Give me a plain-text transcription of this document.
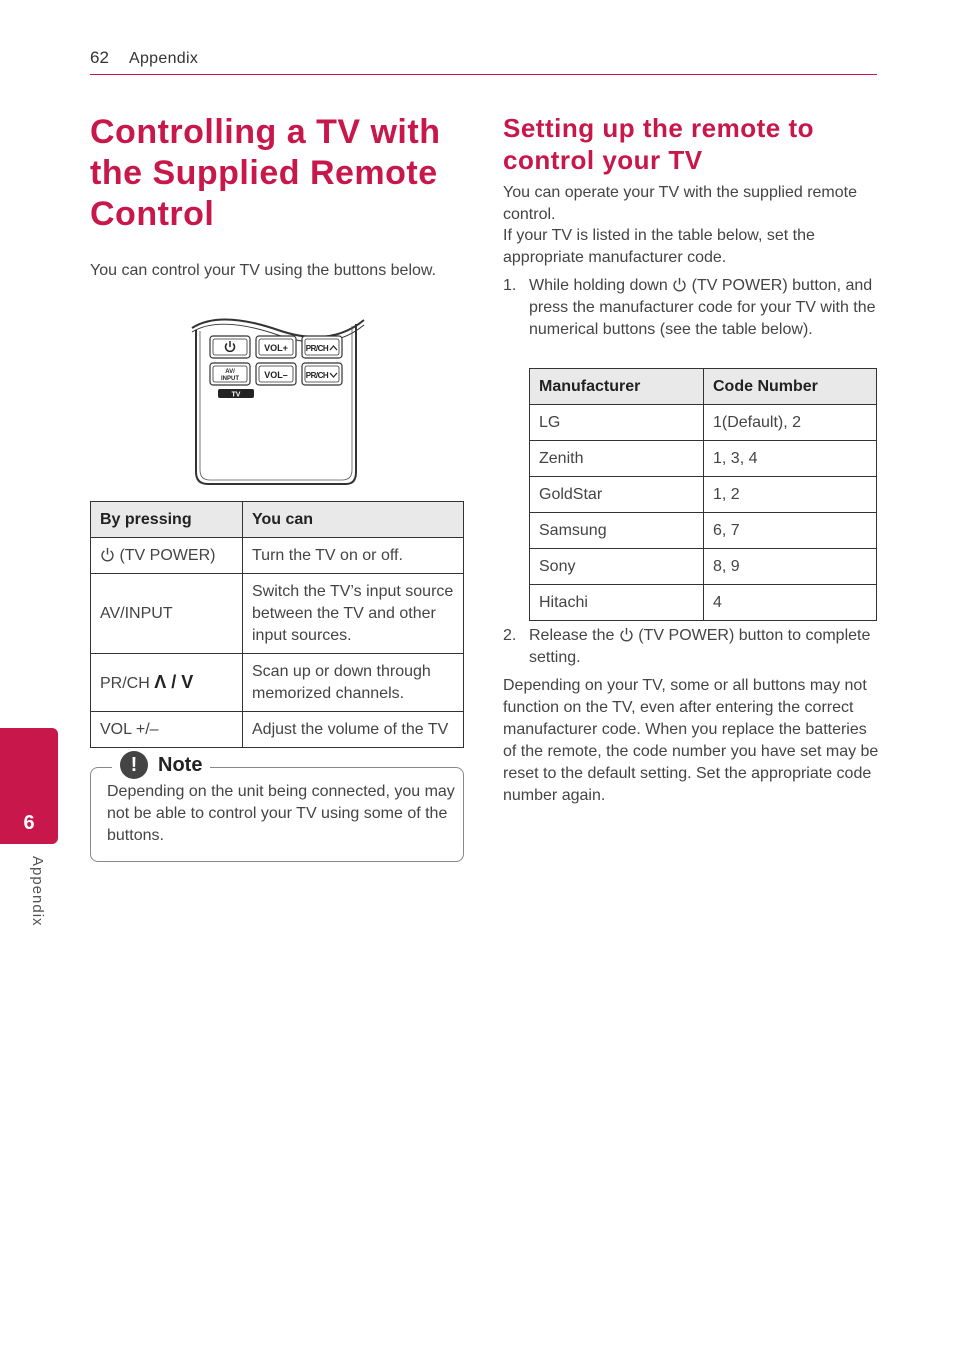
62 Appendix
6
Appendix
Controlling a TV with the Supplied Remote Control
You can control your TV using the buttons below.
VOL+ PR/CH
AV/
INPUT	VOL– PR/CH
TV
By pressing	You can

(TV POWER)	Turn the TV on or off.
AV/INPUT	Switch the TV’s input source between the TV and other input sources.
PR/CH Λ / V	Scan up or down through memorized channels.
VOL +/–	Adjust the volume of the TV
!	Note
Depending on the unit being connected, you may not be able to control your TV using some of the buttons.
Setting up the remote to control your TV
You can operate your TV with the supplied remote control.
If your TV is listed in the table below, set the appropriate manufacturer code.
1. While holding down (TV POWER) button, and press the manufacturer code for your TV with the numerical buttons (see the table below).
Manufacturer	Code Number
LG	1(Default), 2
Zenith	1, 3, 4
GoldStar	1, 2
Samsung	6, 7
Sony	8, 9
Hitachi	4
2. Release the (TV POWER) button to complete setting.
Depending on your TV, some or all buttons may not function on the TV, even after entering the correct manufacturer code. When you replace the batteries of the remote, the code number you have set may be reset to the default setting. Set the appropriate code number again.
